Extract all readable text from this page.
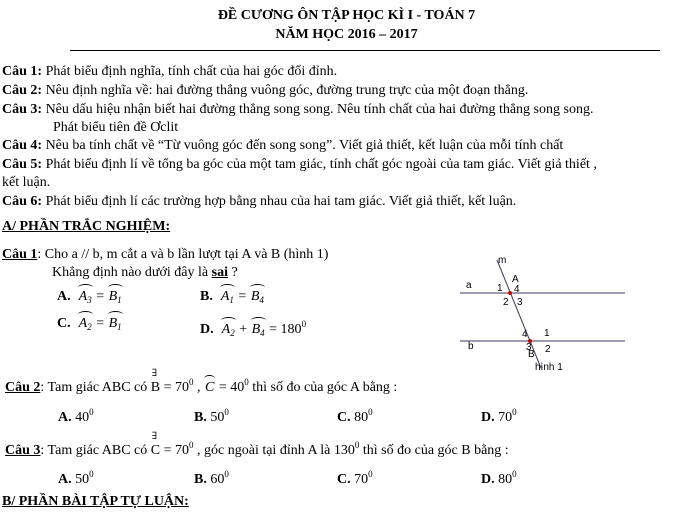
ĐỀ CƯƠNG ÔN TẬP HỌC KÌ I - TOÁN 7
NĂM HỌC 2016 – 2017
Câu 1: Phát biểu định nghĩa, tính chất của hai góc đối đỉnh.
Câu 2: Nêu định nghĩa về: hai đường thẳng vuông góc, đường trung trực của một đoạn thẳng.
Câu 3: Nêu dấu hiệu nhận biết hai đường thẳng song song. Nêu tính chất của hai đường thẳng song song.
Phát biểu tiên đề Ơclit
Câu 4: Nêu ba tính chất về “Từ vuông góc đến song song”. Viết giả thiết, kết luận của mỗi tính chất
Câu 5: Phát biểu định lí về tổng ba góc của một tam giác, tính chất góc ngoài của tam giác. Viết giả thiết ,
kết luận.
Câu 6: Phát biểu định lí các trường hợp bằng nhau của hai tam giác. Viết giả thiết, kết luận.
A/ PHẦN TRẮC NGHIỆM:
Câu 1: Cho a // b, m cắt a và b lần lượt tại A và B (hình 1)
Khẳng định nào dưới đây là sai ?
A. $A_3$ =
$B_1$	B. $A_1$ =
$B_4$
C. $A_2$ =
$B_1$	D. $A_2$ +
$B_4 = 180^0$
m
A
a	1 4
2 3
b
4 1
3 2
B
hình 1
Câu 2: Tam giác ABC có
∃
$B = 70^0$ ,
$C = 40^0$ thì số đo của góc A bằng :
A. $40^0$	B. $50^0$	C. $80^0$	D. $70^0$
Câu 3: Tam giác ABC có
∃
$C = 70^0$ , góc ngoài tại đỉnh A là $130^0$ thì số đo của góc B bằng :
A. $50^0$	B. $60^0$	C. $70^0$	D. $80^0$
B/ PHẦN BÀI TẬP TỰ LUẬN:
